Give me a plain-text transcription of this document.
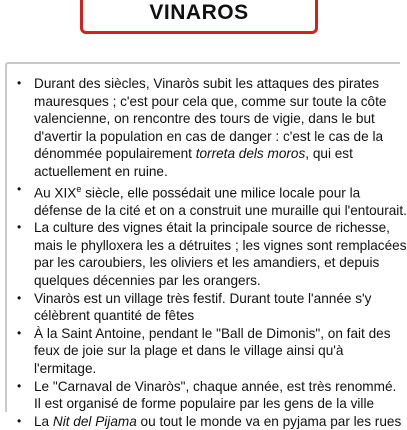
VINAROS
• Durant des siècles, Vinaròs subit les attaques des pirates
mauresques ; c'est pour cela que, comme sur toute la côte
valencienne, on rencontre des tours de vigie, dans le but
d'avertir la population en cas de danger : c'est le cas de la
dénommée populairement torreta dels moros, qui est
actuellement en ruine.
• Au XIXe siècle, elle possédait une milice locale pour la
défense de la cité et on a construit une muraille qui l'entourait.
• La culture des vignes était la principale source de richesse,
mais le phylloxera les a détruites ; les vignes sont remplacées
par les caroubiers, les oliviers et les amandiers, et depuis
quelques décennies par les orangers.
• Vinaròs est un village très festif. Durant toute l'année s'y
célèbrent quantité de fêtes
• À la Saint Antoine, pendant le "Ball de Dimonis", on fait des
feux de joie sur la plage et dans le village ainsi qu'à
l'ermitage.
• Le "Carnaval de Vinaròs", chaque année, est très renommé.
Il est organisé de forme populaire par les gens de la ville
• La Nit del Pijama ou tout le monde va en pyjama par les rues
